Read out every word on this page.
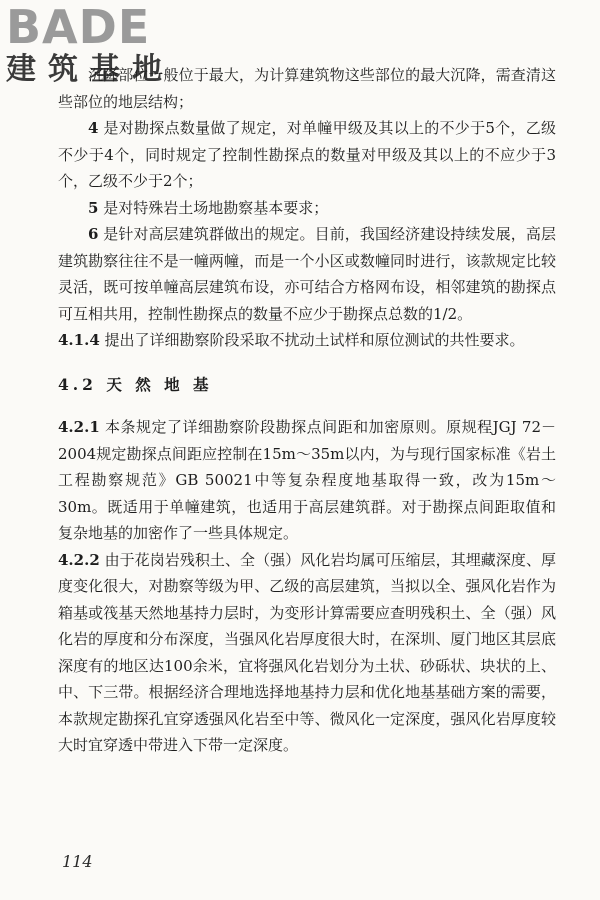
BADE
建筑基地

沉降部位一般位于最大，为计算建筑物这些部位的最大沉降，需查清这些部位的地层结构；

4 是对勘探点数量做了规定，对单幢甲级及其以上的不少于5个，乙级不少于4个，同时规定了控制性勘探点的数量对甲级及其以上的不应少于3个，乙级不少于2个；

5 是对特殊岩土场地勘察基本要求；

6 是针对高层建筑群做出的规定。目前，我国经济建设持续发展，高层建筑勘察往往不是一幢两幢，而是一个小区或数幢同时进行，该款规定比较灵活，既可按单幢高层建筑布设，亦可结合方格网布设，相邻建筑的勘探点可互相共用，控制性勘探点的数量不应少于勘探点总数的1/2。

4.1.4 提出了详细勘察阶段采取不扰动土试样和原位测试的共性要求。

4.2 天 然 地 基

4.2.1 本条规定了详细勘察阶段勘探点间距和加密原则。原规程JGJ 72－2004规定勘探点间距应控制在15m～35m以内，为与现行国家标准《岩土工程勘察规范》GB 50021中等复杂程度地基取得一致，改为15m～30m。既适用于单幢建筑，也适用于高层建筑群。对于勘探点间距取值和复杂地基的加密作了一些具体规定。

4.2.2 由于花岗岩残积土、全（强）风化岩均属可压缩层，其埋藏深度、厚度变化很大，对勘察等级为甲、乙级的高层建筑，当拟以全、强风化岩作为箱基或筏基天然地基持力层时，为变形计算需要应查明残积土、全（强）风化岩的厚度和分布深度，当强风化岩厚度很大时，在深圳、厦门地区其层底深度有的地区达100余米，宜将强风化岩划分为土状、砂砾状、块状的上、中、下三带。根据经济合理地选择地基持力层和优化地基基础方案的需要，本款规定勘探孔宜穿透强风化岩至中等、微风化一定深度，强风化岩厚度较大时宜穿透中带进入下带一定深度。

114
